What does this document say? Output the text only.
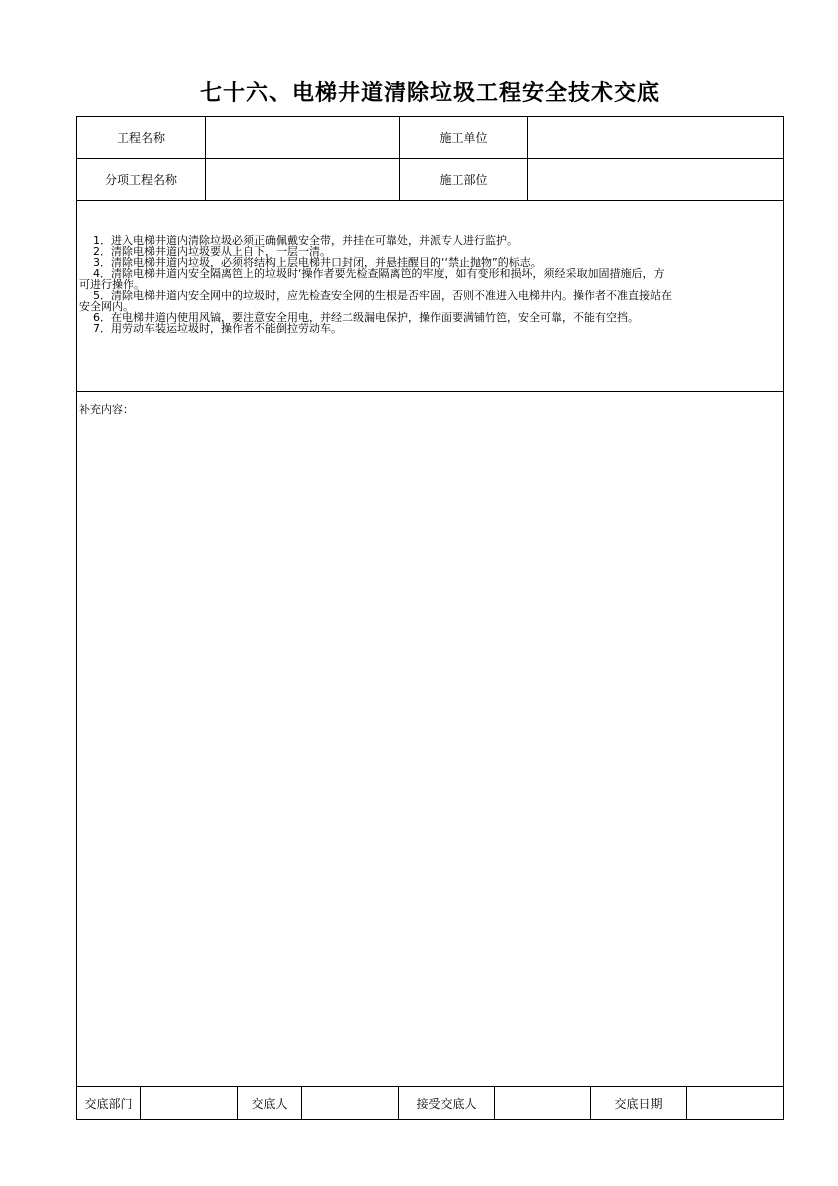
七十六、电梯井道清除垃圾工程安全技术交底
工程名称	施工单位
分项工程名称	施工部位
1．进入电梯井道内清除垃圾必须正确佩戴安全带，并挂在可靠处，并派专人进行监护。
2．清除电梯井道内垃圾要从上自下，一层一清。
3．清除电梯井道内垃圾，必须将结构上层电梯井口封闭，并悬挂醒目的‘‘禁止抛物”的标志。
4．清除电梯井道内安全隔离笆上的垃圾时‘操作者要先检查隔离笆的牢度，如有变形和损坏，须经采取加固措施后，方
可进行操作。
5．清除电梯井道内安全网中的垃圾时，应先检查安全网的生根是否牢固，否则不准进入电梯井内。操作者不准直接站在
安全网内。
6．在电梯井道内使用风镐，要注意安全用电，并经二级漏电保护，操作面要满铺竹笆，安全可靠，不能有空挡。
7．用劳动车装运垃圾时，操作者不能倒拉劳动车。
补充内容：
交底部门	交底人	接受交底人	交底日期
